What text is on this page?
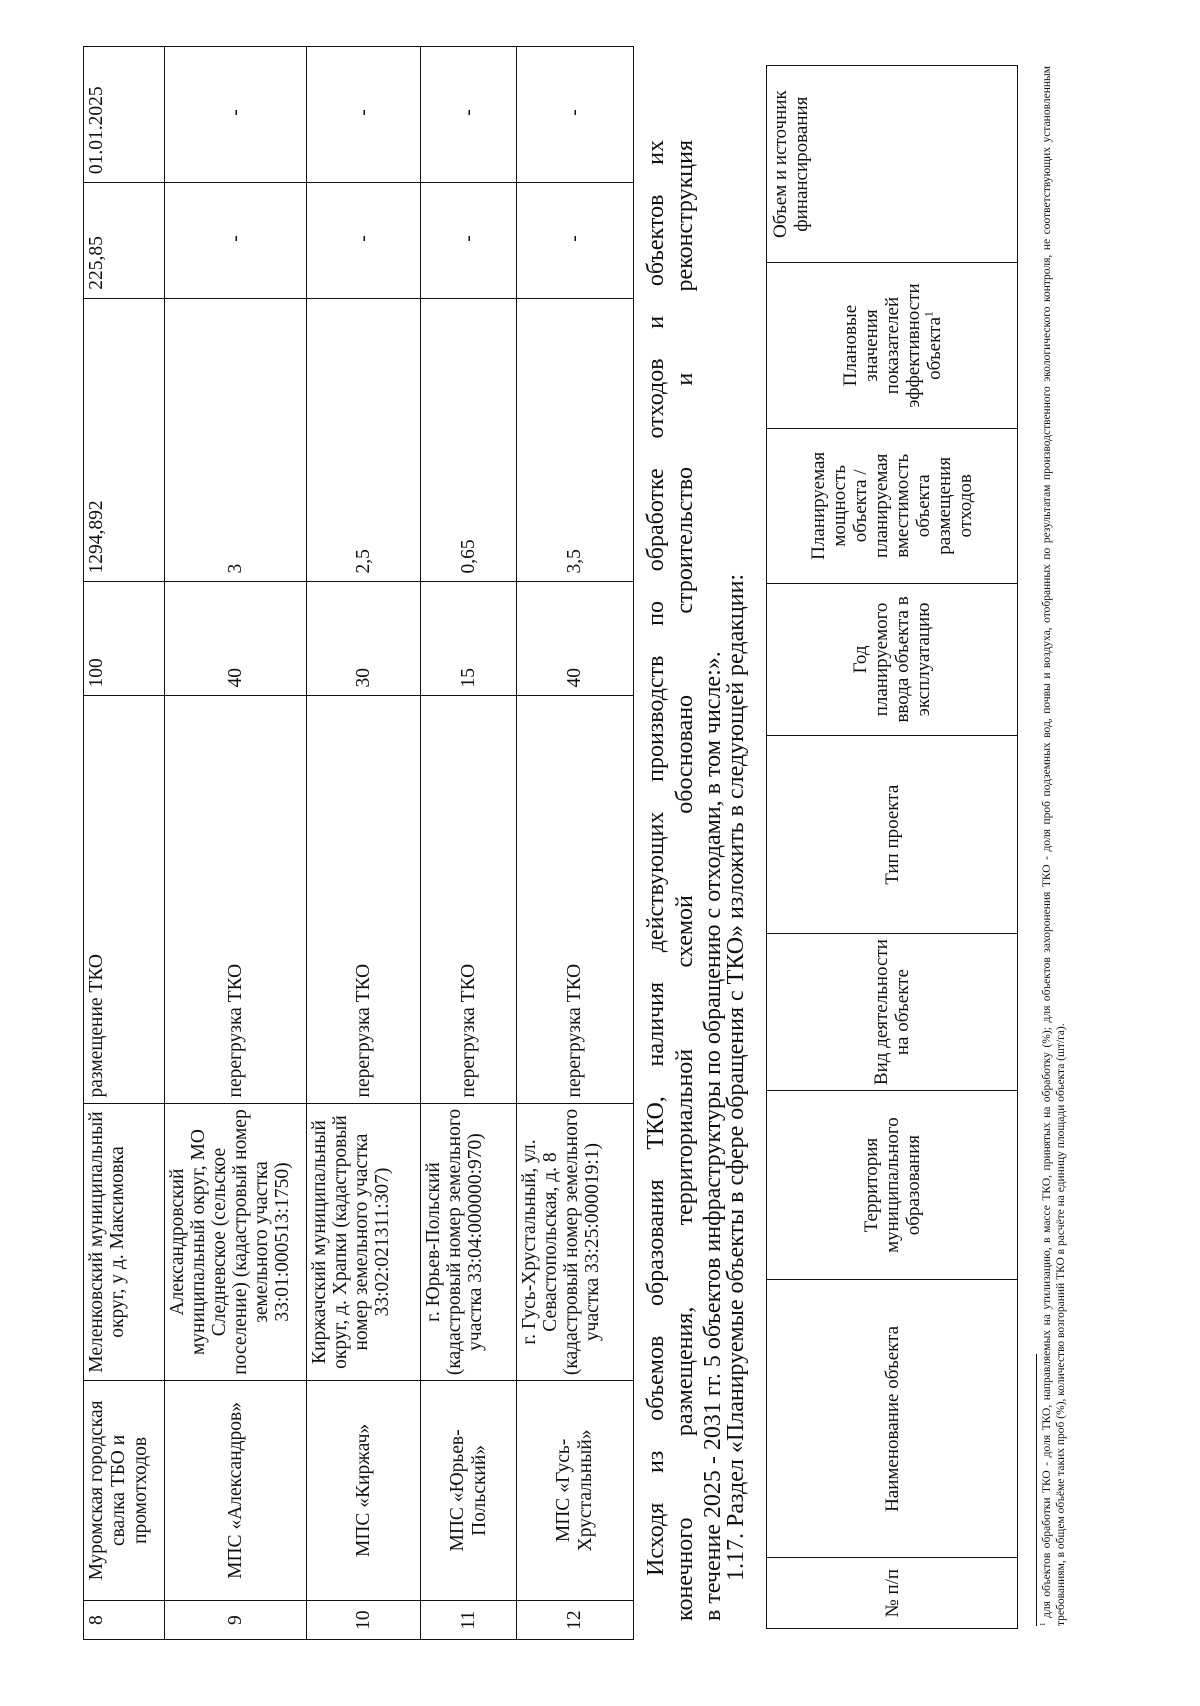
8	Муромская городская свалка ТБО и промотходов	Меленковский муниципальный округ, у д. Максимовка	размещение ТКО	100	1294,892	225,85	01.01.2025
9	МПС «Александров»	Александровский муниципальный округ, МО Следневское (сельское поселение) (кадастровый номер земельного участка 33:01:000513:1750)	перегрузка ТКО	40	3	-	-
10	МПС «Киржач»	Киржачский муниципальный округ, д. Храпки (кадастровый номер земельного участка 33:02:021311:307)	перегрузка ТКО	30	2,5	-	-
11	МПС «Юрьев-Польский»	г. Юрьев-Польский (кадастровый номер земельного участка 33:04:000000:970)	перегрузка ТКО	15	0,65	-	-
12	МПС «Гусь-Хрустальный»	г. Гусь-Хрустальный, ул. Севастопольская, д. 8 (кадастровый номер земельного участка 33:25:000019:1)	перегрузка ТКО	40	3,5	-	-
Исходя из объемов образования ТКО, наличия действующих производств по обработке отходов и объектов их конечного размещения, территориальной схемой обосновано строительство и реконструкция в течение 2025 - 2031 гг. 5 объектов инфраструктуры по обращению с отходами, в том числе:».
1.17. Раздел «Планируемые объекты в сфере обращения с ТКО» изложить в следующей редакции:
№ п/п	Наименование объекта	Территория муниципального образования	Вид деятельности на объекте	Тип проекта	Год планируемого ввода объекта в эксплуатацию	Планируемая мощность объекта / планируемая вместимость объекта размещения отходов	Плановые значения показателей эффективности объекта$^1$	Объем и источник финансирования
$^1$ для объектов обработки ТКО - доля ТКО, направляемых на утилизацию, в массе ТКО, принятых на обработку (%); для объектов захоронения ТКО - доля проб подземных вод, почвы и воздуха, отобранных по результатам производственного экологического контроля, не соответствующих установленным требованиям, в общем объёме таких проб (%), количество возгораний ТКО в расчёте на единицу площади объекта (шт/га).
